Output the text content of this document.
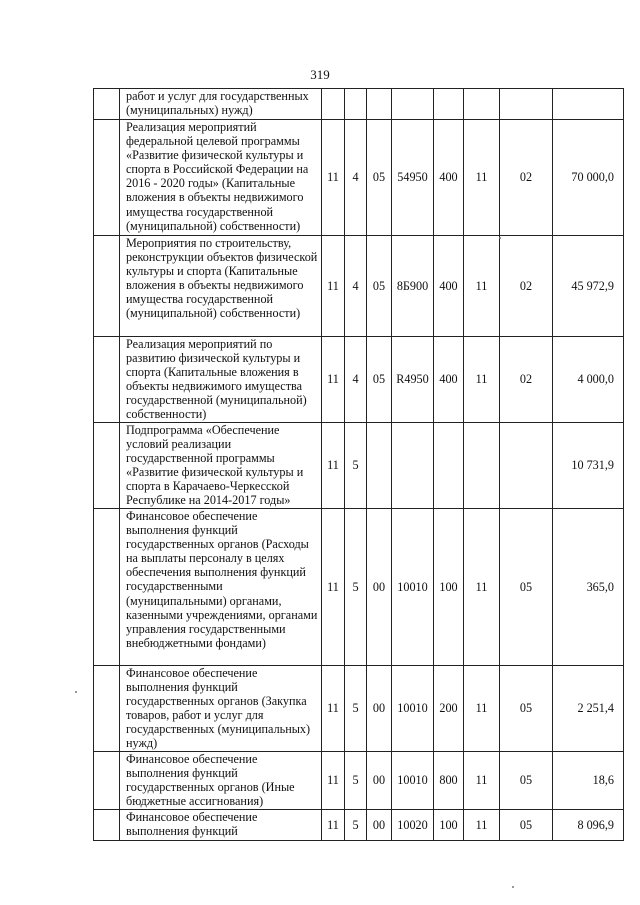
319
	работ и услуг для государственных (муниципальных) нужд)								
	Реализация мероприятий федеральной целевой программы «Развитие физической культуры и спорта в Российской Федерации на 2016 - 2020 годы» (Капитальные вложения в объекты недвижимого имущества государственной (муниципальной) собственности)	11	4	05	54950	400	11	02	70 000,0
	Мероприятия по строительству, реконструкции объектов физической культуры и спорта (Капитальные вложения в объекты недвижимого имущества государственной (муниципальной) собственности)	11	4	05	8Б900	400	11	02	45 972,9
	Реализация мероприятий по развитию физической культуры и спорта (Капитальные вложения в объекты недвижимого имущества государственной (муниципальной) собственности)	11	4	05	R4950	400	11	02	4 000,0
	Подпрограмма «Обеспечение условий реализации государственной программы «Развитие физической культуры и спорта в Карачаево-Черкесской Республике на 2014-2017 годы»	11	5						10 731,9
	Финансовое обеспечение выполнения функций государственных органов (Расходы на выплаты персоналу в целях обеспечения выполнения функций государственными (муниципальными) органами, казенными учреждениями, органами управления государственными внебюджетными фондами)	11	5	00	10010	100	11	05	365,0
	Финансовое обеспечение выполнения функций государственных органов (Закупка товаров, работ и услуг для государственных (муниципальных) нужд)	11	5	00	10010	200	11	05	2 251,4
	Финансовое обеспечение выполнения функций государственных органов (Иные бюджетные ассигнования)	11	5	00	10010	800	11	05	18,6
	Финансовое обеспечение выполнения функций	11	5	00	10020	100	11	05	8 096,9
